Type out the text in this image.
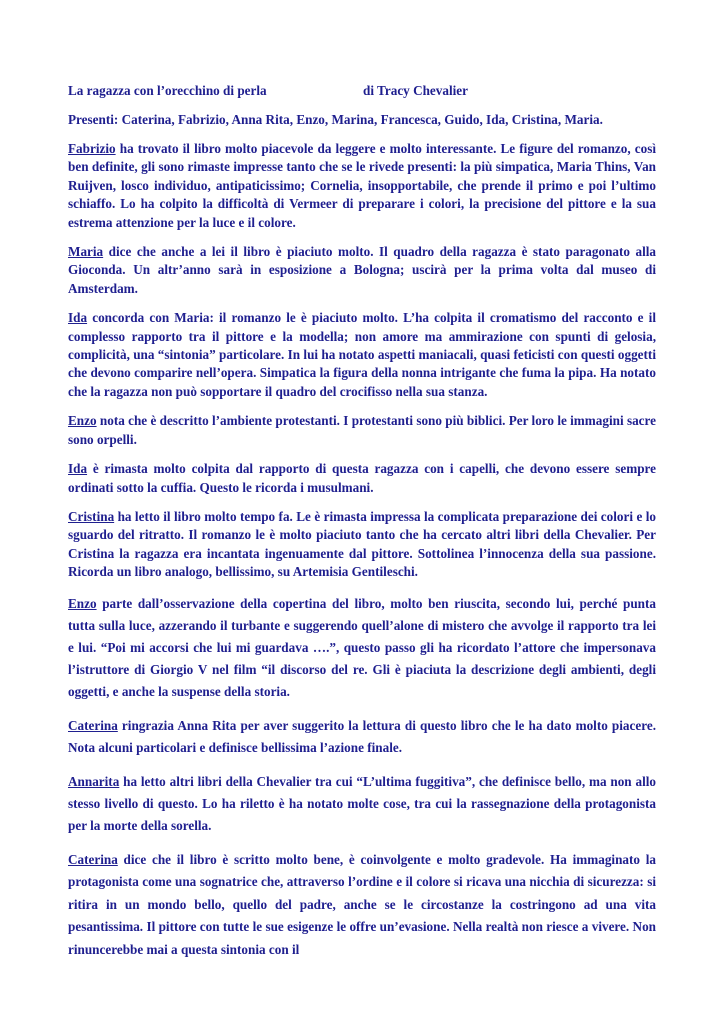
La ragazza con l’orecchino di perla	di Tracy Chevalier
Presenti: Caterina, Fabrizio, Anna Rita, Enzo, Marina, Francesca, Guido, Ida, Cristina, Maria.

Fabrizio ha trovato il libro molto piacevole da leggere e molto interessante. Le figure del romanzo, così ben definite, gli sono rimaste impresse tanto che se le rivede presenti: la più simpatica, Maria Thins, Van Ruijven, losco individuo, antipaticissimo; Cornelia, insopportabile, che prende il primo e poi l’ultimo schiaffo. Lo ha colpito la difficoltà di Vermeer di preparare i colori, la precisione del pittore e la sua estrema attenzione per la luce e il colore.

Maria dice che anche a lei il libro è piaciuto molto. Il quadro della ragazza è stato paragonato alla Gioconda. Un altr’anno sarà in esposizione a Bologna; uscirà per la prima volta dal museo di Amsterdam.

Ida concorda con Maria: il romanzo le è piaciuto molto. L’ha colpita il cromatismo del racconto e il complesso rapporto tra il pittore e la modella; non amore ma ammirazione con spunti di gelosia, complicità, una “sintonia” particolare. In lui ha notato aspetti maniacali, quasi feticisti con questi oggetti che devono comparire nell’opera. Simpatica la figura della nonna intrigante che fuma la pipa. Ha notato che la ragazza non può sopportare il quadro del crocifisso nella sua stanza.

Enzo nota che è descritto l’ambiente protestanti. I protestanti sono più biblici. Per loro le immagini sacre sono orpelli.

Ida è rimasta molto colpita dal rapporto di questa ragazza con i capelli, che devono essere sempre ordinati sotto la cuffia. Questo le ricorda i musulmani.

Cristina ha letto il libro molto tempo fa. Le è rimasta impressa la complicata preparazione dei colori e lo sguardo del ritratto. Il romanzo le è molto piaciuto tanto che ha cercato altri libri della Chevalier. Per Cristina la ragazza era incantata ingenuamente dal pittore. Sottolinea l’innocenza della sua passione. Ricorda un libro analogo, bellissimo, su Artemisia Gentileschi.

Enzo parte dall’osservazione della copertina del libro, molto ben riuscita, secondo lui, perché punta tutta sulla luce, azzerando il turbante e suggerendo quell’alone di mistero che avvolge il rapporto tra lei e lui. “Poi mi accorsi che lui mi guardava ….”, questo passo gli ha ricordato l’attore che impersonava l’istruttore di Giorgio V nel film “il discorso del re. Gli è piaciuta la descrizione degli ambienti, degli oggetti, e anche la suspense della storia.

Caterina ringrazia Anna Rita per aver suggerito la lettura di questo libro che le ha dato molto piacere. Nota alcuni particolari e definisce bellissima l’azione finale.

Annarita ha letto altri libri della Chevalier tra cui “L’ultima fuggitiva”, che definisce bello, ma non allo stesso livello di questo. Lo ha riletto è ha notato molte cose, tra cui la rassegnazione della protagonista per la morte della sorella.

Caterina dice che il libro è scritto molto bene, è coinvolgente e molto gradevole. Ha immaginato la protagonista come una sognatrice che, attraverso l’ordine e il colore si ricava una nicchia di sicurezza: si ritira in un mondo bello, quello del padre, anche se le circostanze la costringono ad una vita pesantissima. Il pittore con tutte le sue esigenze le offre un’evasione. Nella realtà non riesce a vivere. Non rinuncerebbe mai a questa sintonia con il
